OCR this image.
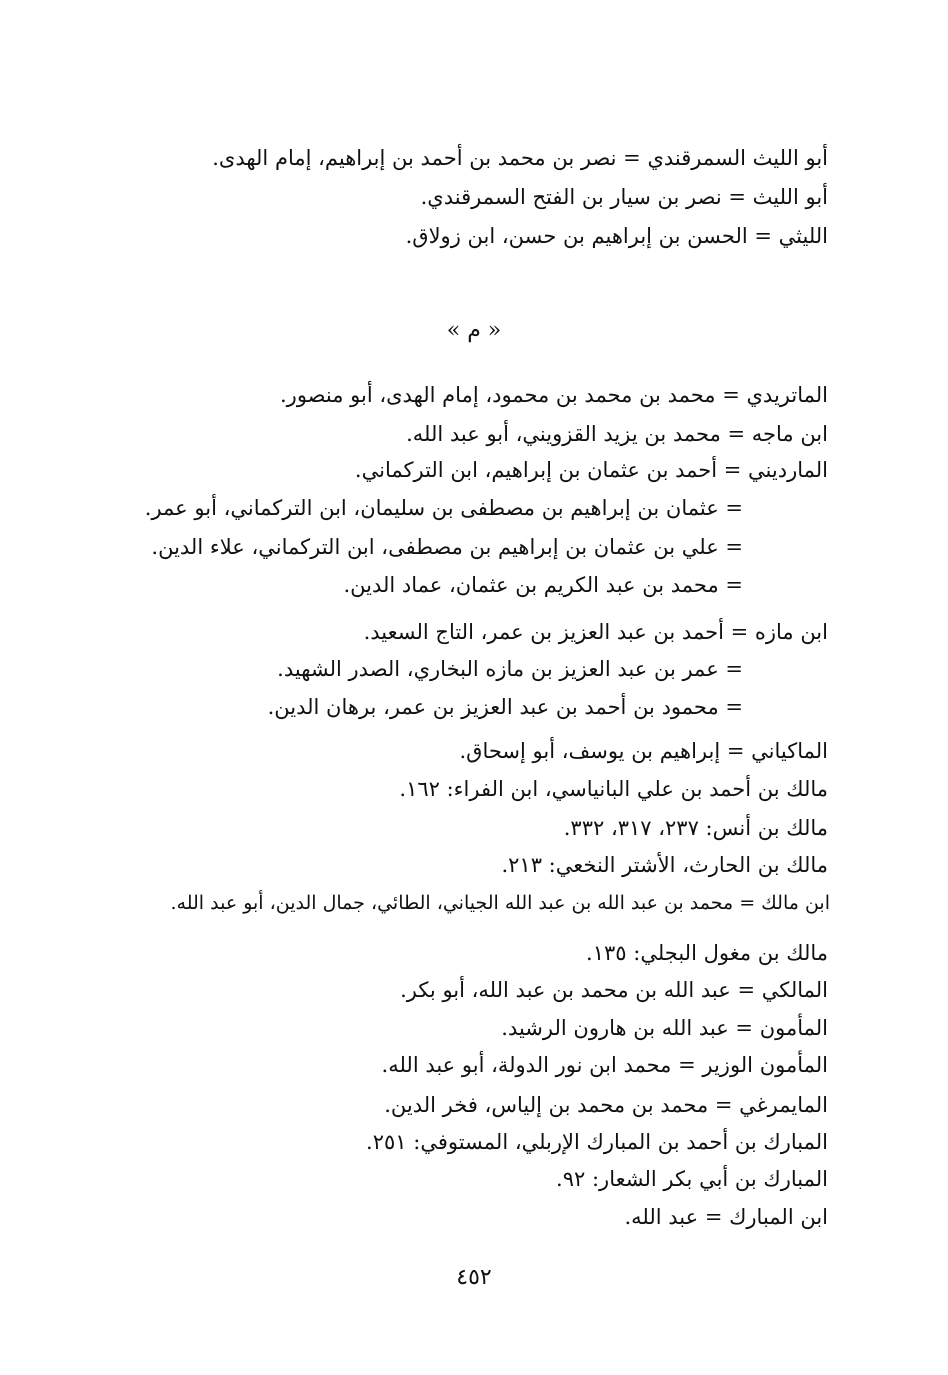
أبو الليث السمرقندي = نصر بن محمد بن أحمد بن إبراهيم، إمام الهدى.
أبو الليث = نصر بن سيار بن الفتح السمرقندي.
الليثي = الحسن بن إبراهيم بن حسن، ابن زولاق.
« م »
الماتريدي = محمد بن محمد بن محمود، إمام الهدى، أبو منصور.
ابن ماجه = محمد بن يزيد القزويني، أبو عبد الله.
المارديني = أحمد بن عثمان بن إبراهيم، ابن التركماني.
= عثمان بن إبراهيم بن مصطفى بن سليمان، ابن التركماني، أبو عمر.
= علي بن عثمان بن إبراهيم بن مصطفى، ابن التركماني، علاء الدين.
= محمد بن عبد الكريم بن عثمان، عماد الدين.
ابن مازه = أحمد بن عبد العزيز بن عمر، التاج السعيد.
= عمر بن عبد العزيز بن مازه البخاري، الصدر الشهيد.
= محمود بن أحمد بن عبد العزيز بن عمر، برهان الدين.
الماكياني = إبراهيم بن يوسف، أبو إسحاق.
مالك بن أحمد بن علي البانياسي، ابن الفراء: ١٦٢.
مالك بن أنس: ٢٣٧، ٣١٧، ٣٣٢.
مالك بن الحارث، الأشتر النخعي: ٢١٣.
ابن مالك = محمد بن عبد الله بن عبد الله الجياني، الطائي، جمال الدين، أبو عبد الله.
مالك بن مغول البجلي: ١٣٥.
المالكي = عبد الله بن محمد بن عبد الله، أبو بكر.
المأمون = عبد الله بن هارون الرشيد.
المأمون الوزير = محمد ابن نور الدولة، أبو عبد الله.
المايمرغي = محمد بن محمد بن إلياس، فخر الدين.
المبارك بن أحمد بن المبارك الإربلي، المستوفي: ٢٥١.
المبارك بن أبي بكر الشعار: ٩٢.
ابن المبارك = عبد الله.
٤٥٢
